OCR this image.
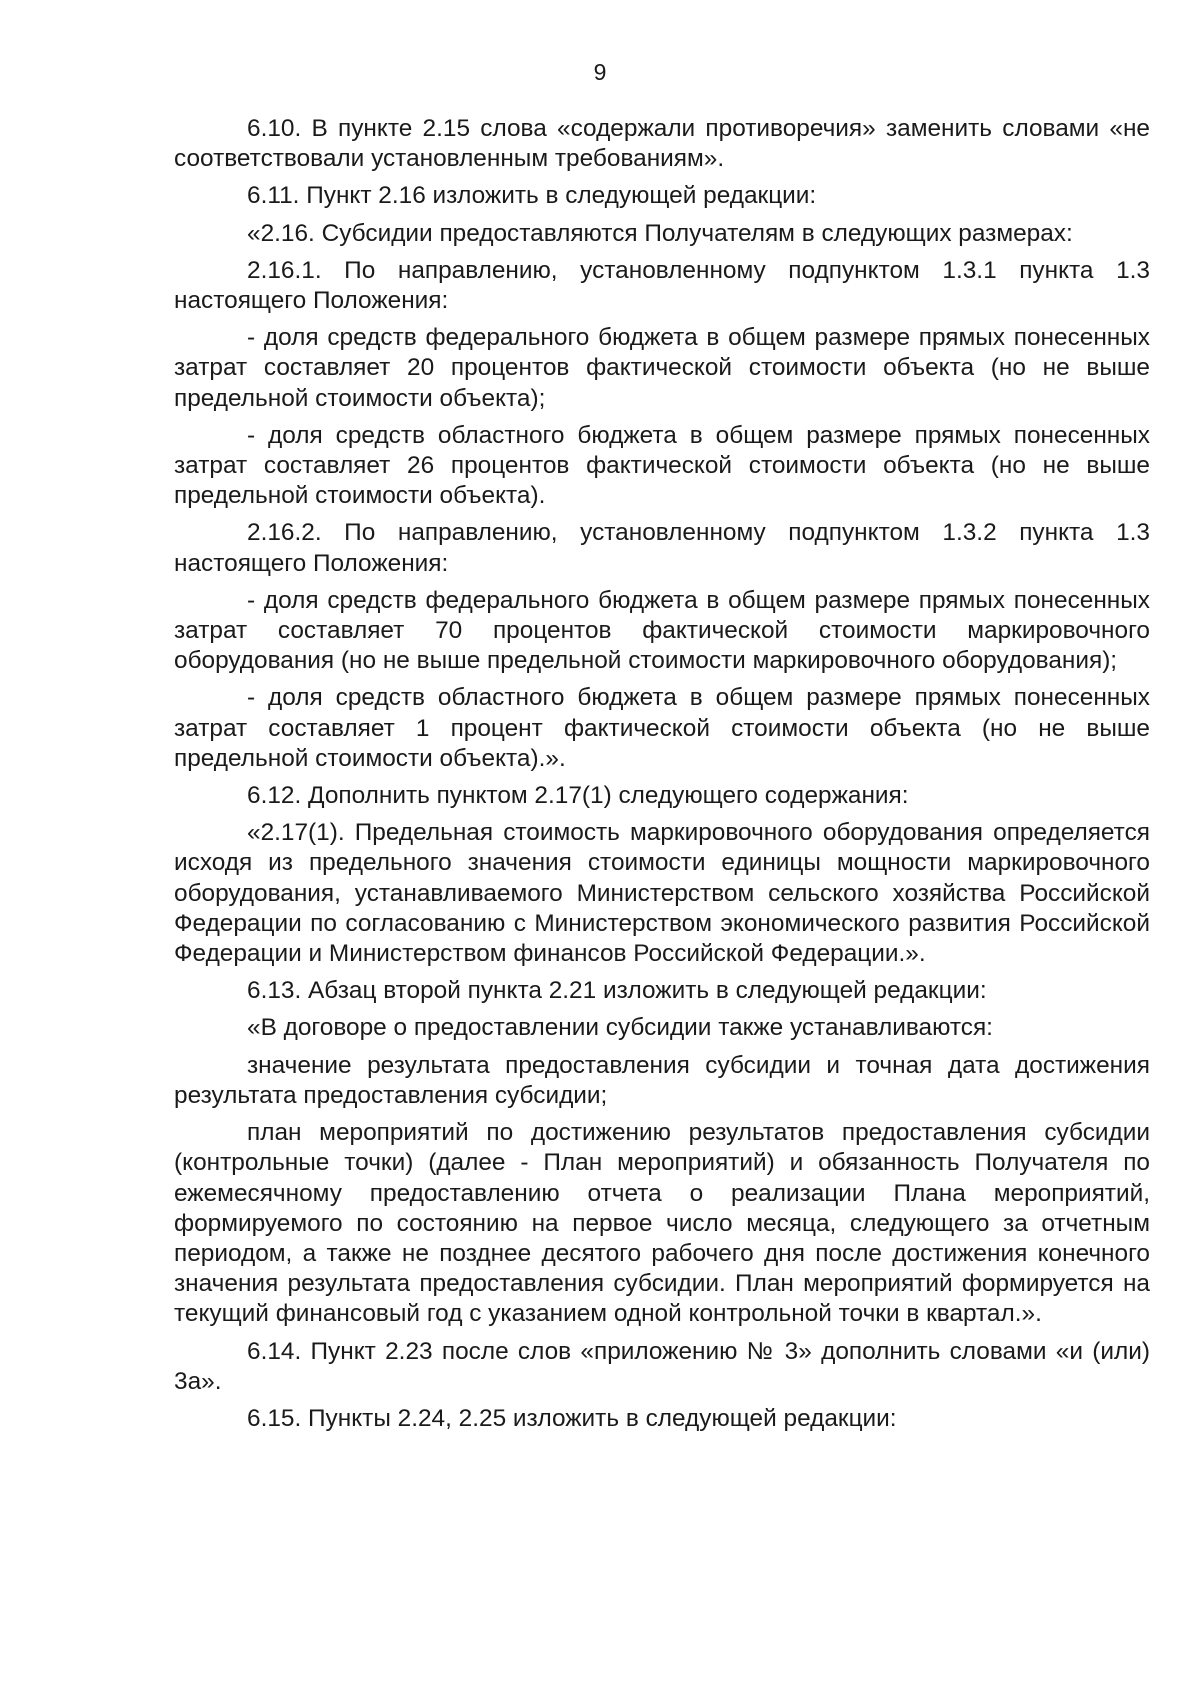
9

6.10. В пункте 2.15 слова «содержали противоречия» заменить словами «не соответствовали установленным требованиям».

6.11. Пункт 2.16 изложить в следующей редакции:

«2.16. Субсидии предоставляются Получателям в следующих размерах:

2.16.1. По направлению, установленному подпунктом 1.3.1 пункта 1.3 настоящего Положения:

- доля средств федерального бюджета в общем размере прямых понесенных затрат составляет 20 процентов фактической стоимости объекта (но не выше предельной стоимости объекта);

- доля средств областного бюджета в общем размере прямых понесенных затрат составляет 26 процентов фактической стоимости объекта (но не выше предельной стоимости объекта).

2.16.2. По направлению, установленному подпунктом 1.3.2 пункта 1.3 настоящего Положения:

- доля средств федерального бюджета в общем размере прямых понесенных затрат составляет 70 процентов фактической стоимости маркировочного оборудования (но не выше предельной стоимости маркировочного оборудования);

- доля средств областного бюджета в общем размере прямых понесенных затрат составляет 1 процент фактической стоимости объекта (но не выше предельной стоимости объекта).».

6.12. Дополнить пунктом 2.17(1) следующего содержания:

«2.17(1). Предельная стоимость маркировочного оборудования определяется исходя из предельного значения стоимости единицы мощности маркировочного оборудования, устанавливаемого Министерством сельского хозяйства Российской Федерации по согласованию с Министерством экономического развития Российской Федерации и Министерством финансов Российской Федерации.».

6.13. Абзац второй пункта 2.21 изложить в следующей редакции:

«В договоре о предоставлении субсидии также устанавливаются:

значение результата предоставления субсидии и точная дата достижения результата предоставления субсидии;

план мероприятий по достижению результатов предоставления субсидии (контрольные точки) (далее - План мероприятий) и обязанность Получателя по ежемесячному предоставлению отчета о реализации Плана мероприятий, формируемого по состоянию на первое число месяца, следующего за отчетным периодом, а также не позднее десятого рабочего дня после достижения конечного значения результата предоставления субсидии. План мероприятий формируется на текущий финансовый год с указанием одной контрольной точки в квартал.».

6.14. Пункт 2.23 после слов «приложению № 3» дополнить словами «и (или) 3а».

6.15. Пункты 2.24, 2.25 изложить в следующей редакции:
